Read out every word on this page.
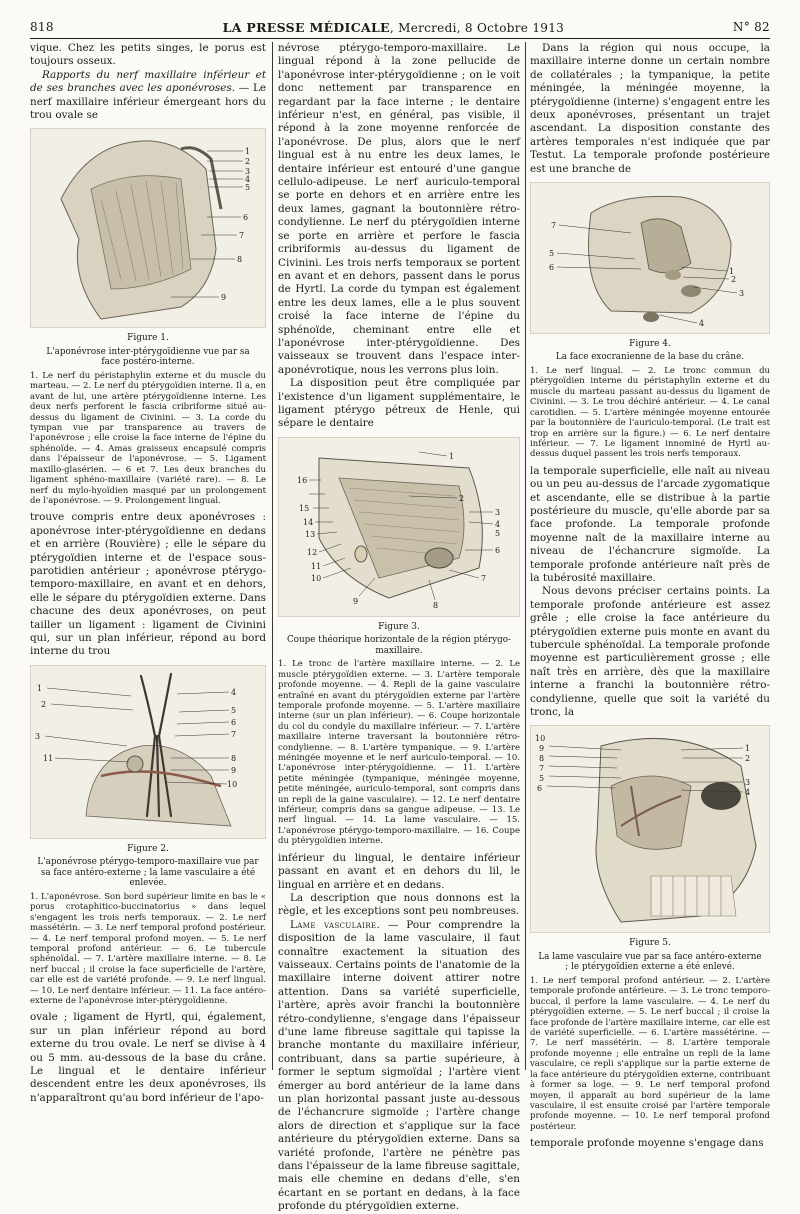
818	LA PRESSE MÉDICALE, Mercredi, 8 Octobre 1913	N° 82

vique. Chez les petits singes, le porus est toujours osseux.

Rapports du nerf maxillaire inférieur et de ses branches avec les aponévroses. — Le nerf maxillaire inférieur émergeant hors du trou ovale se

1
2
3
4
5
6
7
8
9
Figure 1.
L'aponévrose inter-ptérygoïdienne vue par sa face postéro-interne.
1. Le nerf du péristaphylin externe et du muscle du marteau. — 2. Le nerf du ptérygoïdien interne. Il a, en avant de lui, une artère ptérygoïdienne interne. Les deux nerfs perforent le fascia cribriforme situé au-dessus du ligament de Civinini. — 3. La corde du tympan vue par transparence au travers de l'aponévrose ; elle croise la face interne de l'épine du sphénoïde. — 4. Amas graisseux encapsulé compris dans l'épaisseur de l'aponévrose. — 5. Ligament maxillo-glasérien. — 6 et 7. Les deux branches du ligament sphéno-maxillaire (variété rare). — 8. Le nerf du mylo-hyoïdien masqué par un prolongement de l'aponévrose. — 9. Prolongement lingual.

trouve compris entre deux aponévroses : aponévrose inter-ptérygoïdienne en dedans et en arrière (Rouvière) ; elle le sépare du ptérygoïdien interne et de l'espace sous-parotidien antérieur ; aponévrose ptérygo-temporo-maxillaire, en avant et en dehors, elle le sépare du ptérygoïdien externe. Dans chacune des deux aponévroses, on peut tailler un ligament : ligament de Civinini qui, sur un plan inférieur, répond au bord interne du trou

1
2
3
4
5
6
7
8
9
10
11
Figure 2.
L'aponévrose ptérygo-temporo-maxillaire vue par sa face antéro-externe ; la lame vasculaire a été enlevée.
1. L'aponévrose. Son bord supérieur limite en bas le « porus crotaphitico-buccinatorius » dans lequel s'engagent les trois nerfs temporaux. — 2. Le nerf massétérin. — 3. Le nerf temporal profond postérieur. — 4. Le nerf temporal profond moyen. — 5. Le nerf temporal profond antérieur. — 6. Le tubercule sphénoïdal. — 7. L'artère maxillaire interne. — 8. Le nerf buccal ; il croise la face superficielle de l'artère, car elle est de variété profonde. — 9. Le nerf lingual. — 10. Le nerf dentaire inférieur. — 11. La face antéro-externe de l'aponévrose inter-ptérygoïdienne.

ovale ; ligament de Hyrtl, qui, également, sur un plan inférieur répond au bord externe du trou ovale. Le nerf se divise à 4 ou 5 mm. au-dessous de la base du crâne. Le lingual et le dentaire inférieur descendent entre les deux aponévroses, ils n'apparaîtront qu'au bord inférieur de l'apo-

névrose ptérygo-temporo-maxillaire. Le lingual répond à la zone pellucide de l'aponévrose inter-ptérygoïdienne ; on le voit donc nettement par transparence en regardant par la face interne ; le dentaire inférieur n'est, en général, pas visible, il répond à la zone moyenne renforcée de l'aponévrose. De plus, alors que le nerf lingual est à nu entre les deux lames, le dentaire inférieur est entouré d'une gangue cellulo-adipeuse. Le nerf auriculo-temporal se porte en dehors et en arrière entre les deux lames, gagnant la boutonnière rétro-condylienne. Le nerf du ptérygoïdien interne se porte en arrière et perfore le fascia cribriformis au-dessus du ligament de Civinini. Les trois nerfs temporaux se portent en avant et en dehors, passent dans le porus de Hyrtl. La corde du tympan est également entre les deux lames, elle a le plus souvent croisé la face interne de l'épine du sphénoïde, cheminant entre elle et l'aponévrose inter-ptérygoïdienne. Des vaisseaux se trouvent dans l'espace inter-aponévrotique, nous les verrons plus loin.

La disposition peut être compliquée par l'existence d'un ligament supplémentaire, le ligament ptérygo pétreux de Henle, qui sépare le dentaire

1
2
3
4
5
6
7
8
9
10
11
12
13
14
15
16
Figure 3.
Coupe théorique horizontale de la région ptérygo-maxillaire.
1. Le tronc de l'artère maxillaire interne. — 2. Le muscle ptérygoïdien externe. — 3. L'artère temporale profonde moyenne. — 4. Repli de la gaine vasculaire entraîné en avant du ptérygoïdien externe par l'artère temporale profonde moyenne. — 5. L'artère maxillaire interne (sur un plan inférieur). — 6. Coupe horizontale du col du condyle du maxillaire inférieur. — 7. L'artère maxillaire interne traversant la boutonnière rétro-condylienne. — 8. L'artère tympanique. — 9. L'artère méningée moyenne et le nerf auriculo-temporal. — 10. L'aponévrose inter-ptérygoïdienne. — 11. L'artère petite méningée (tympanique, méningée moyenne, petite méningée, auriculo-temporal, sont compris dans un repli de la gaine vasculaire). — 12. Le nerf dentaire inférieur, compris dans sa gangue adipeuse. — 13. Le nerf lingual. — 14. La lame vasculaire. — 15. L'aponévrose ptérygo-temporo-maxillaire. — 16. Coupe du ptérygoïdien interne.

inférieur du lingual, le dentaire inférieur passant en avant et en dehors du lil, le lingual en arrière et en dedans.

La description que nous donnons est la règle, et les exceptions sont peu nombreuses.

Lame vasculaire. — Pour comprendre la disposition de la lame vasculaire, il faut connaître exactement la situation des vaisseaux. Certains points de l'anatomie de la maxillaire interne doivent attirer notre attention. Dans sa variété superficielle, l'artère, après avoir franchi la boutonnière rétro-condylienne, s'engage dans l'épaisseur d'une lame fibreuse sagittale qui tapisse la branche montante du maxillaire inférieur, contribuant, dans sa partie supérieure, à former le septum sigmoïdal ; l'artère vient émerger au bord antérieur de la lame dans un plan horizontal passant juste au-dessous de l'échancrure sigmoïde ; l'artère change alors de direction et s'applique sur la face antérieure du ptérygoïdien externe. Dans sa variété profonde, l'artère ne pénètre pas dans l'épaisseur de la lame fibreuse sagittale, mais elle chemine en dedans d'elle, s'en écartant en se portant en dedans, à la face profonde du ptérygoïdien externe.

Dans la région qui nous occupe, la maxillaire interne donne un certain nombre de collatérales ; la tympanique, la petite méningée, la méningée moyenne, la ptérygoïdienne (interne) s'engagent entre les deux aponévroses, présentant un trajet ascendant. La disposition constante des artères temporales n'est indiquée que par Testut. La temporale profonde postérieure est une branche de

1
2
3
4
5
6
7
Figure 4.
La face exocranienne de la base du crâne.
1. Le nerf lingual. — 2. Le tronc commun du ptérygoïdien interne du péristaphylin externe et du muscle du marteau passant au-dessus du ligament de Civinini. — 3. Le trou déchiré antérieur. — 4. Le canal carotidien. — 5. L'artère méningée moyenne entourée par la boutonnière de l'auriculo-temporal. (Le trait est trop en arrière sur la figure.) — 6. Le nerf dentaire inférieur. — 7. Le ligament innominé de Hyrtl au-dessus duquel passent les trois nerfs temporaux.

la temporale superficielle, elle naît au niveau ou un peu au-dessus de l'arcade zygomatique et ascendante, elle se distribue à la partie postérieure du muscle, qu'elle aborde par sa face profonde. La temporale profonde moyenne naît de la maxillaire interne au niveau de l'échancrure sigmoïde. La temporale profonde antérieure naît près de la tubérosité maxillaire.

Nous devons préciser certains points. La temporale profonde antérieure est assez grêle ; elle croise la face antérieure du ptérygoïdien externe puis monte en avant du tubercule sphénoïdal. La temporale profonde moyenne est particulièrement grosse ; elle naît très en arrière, dès que la maxillaire interne a franchi la boutonnière rétro-condylienne, quelle que soit la variété du tronc, la

1
2
3
4
5
6
7
8
9
10
Figure 5.
La lame vasculaire vue par sa face antéro-externe ; le ptérygoïdien externe a été enlevé.
1. Le nerf temporal profond antérieur. — 2. L'artère temporale profonde antérieure. — 3. Le tronc temporo-buccal, il perfore la lame vasculaire. — 4. Le nerf du ptérygoïdien externe. — 5. Le nerf buccal ; il croise la face profonde de l'artère maxillaire interne, car elle est de variété superficielle. — 6. L'artère massétérine. — 7. Le nerf massétérin. — 8. L'artère temporale profonde moyenne ; elle entraîne un repli de la lame vasculaire, ce repli s'applique sur la partie externe de la face antérieure du ptérygoïdien externe, contribuant à former sa loge. — 9. Le nerf temporal profond moyen, il apparaît au bord supérieur de la lame vasculaire, il est ensuite croisé par l'artère temporale profonde moyenne. — 10. Le nerf temporal profond postérieur.

temporale profonde moyenne s'engage dans
